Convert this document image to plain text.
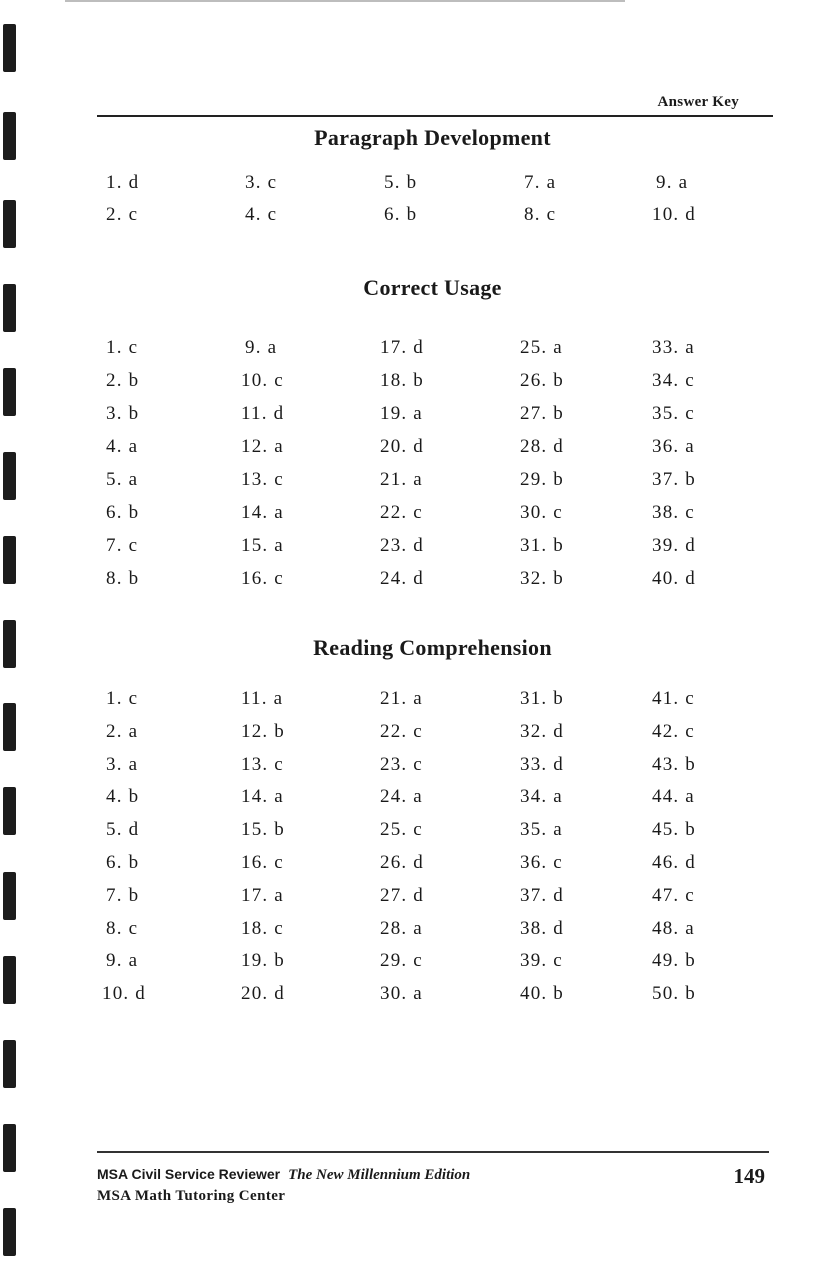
Answer Key
Paragraph Development
1. d
2. c
3. c
4. c
5. b
6. b
7. a
8. c
9. a
10. d
Correct Usage
1. c
2. b
3. b
4. a
5. a
6. b
7. c
8. b
9. a
10. c
11. d
12. a
13. c
14. a
15. a
16. c
17. d
18. b
19. a
20. d
21. a
22. c
23. d
24. d
25. a
26. b
27. b
28. d
29. b
30. c
31. b
32. b
33. a
34. c
35. c
36. a
37. b
38. c
39. d
40. d
Reading Comprehension
1. c
2. a
3. a
4. b
5. d
6. b
7. b
8. c
9. a
10. d
11. a
12. b
13. c
14. a
15. b
16. c
17. a
18. c
19. b
20. d
21. a
22. c
23. c
24. a
25. c
26. d
27. d
28. a
29. c
30. a
31. b
32. d
33. d
34. a
35. a
36. c
37. d
38. d
39. c
40. b
41. c
42. c
43. b
44. a
45. b
46. d
47. c
48. a
49. b
50. b
MSA Civil Service Reviewer The New Millennium Edition
MSA Math Tutoring Center
149
